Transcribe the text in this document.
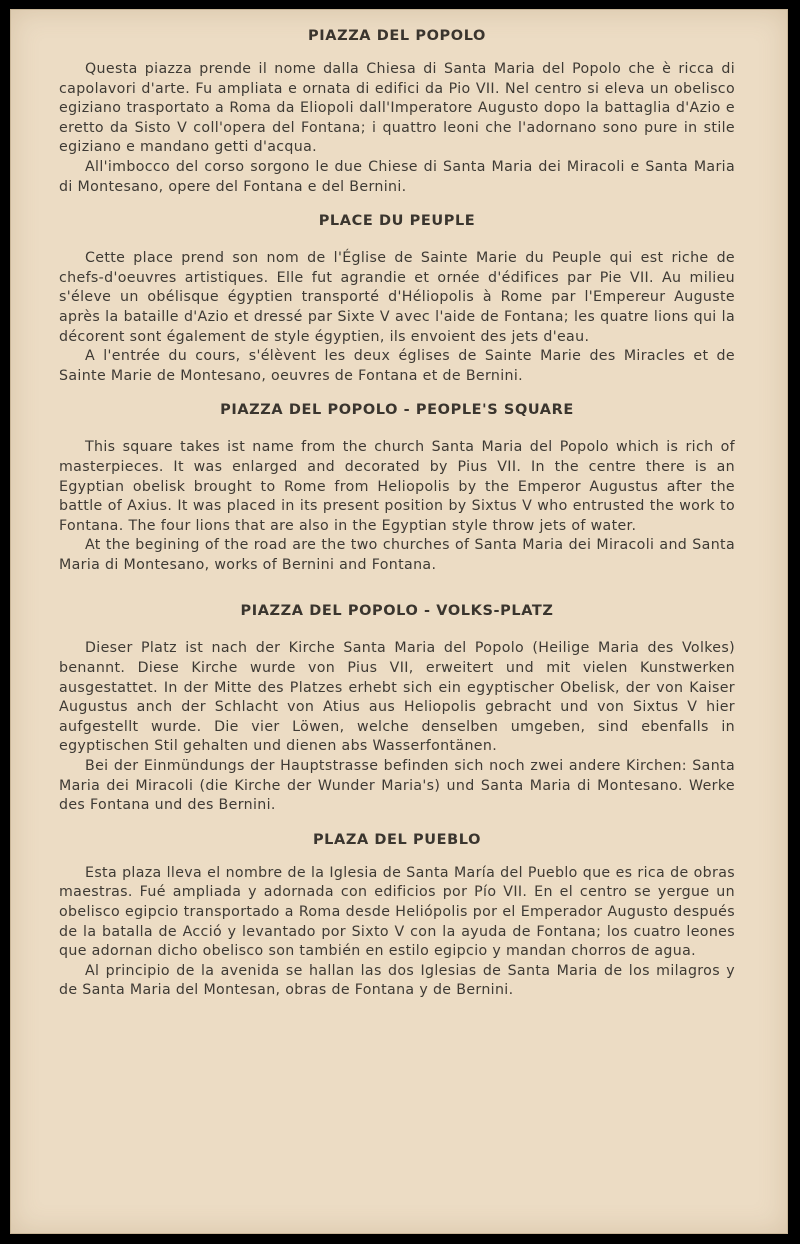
PIAZZA DEL POPOLO

Questa piazza prende il nome dalla Chiesa di Santa Maria del Popolo che è ricca di capolavori d'arte. Fu ampliata e ornata di edifici da Pio VII. Nel centro si eleva un obelisco egiziano trasportato a Roma da Eliopoli dall'Imperatore Augusto dopo la battaglia d'Azio e eretto da Sisto V coll'opera del Fontana; i quattro leoni che l'adornano sono pure in stile egiziano e mandano getti d'acqua.

All'imbocco del corso sorgono le due Chiese di Santa Maria dei Miracoli e Santa Maria di Montesano, opere del Fontana e del Bernini.

PLACE DU PEUPLE

Cette place prend son nom de l'Église de Sainte Marie du Peuple qui est riche de chefs-d'oeuvres artistiques. Elle fut agrandie et ornée d'édifices par Pie VII. Au milieu s'éleve un obélisque égyptien transporté d'Héliopolis à Rome par l'Empereur Auguste après la bataille d'Azio et dressé par Sixte V avec l'aide de Fontana; les quatre lions qui la décorent sont également de style égyptien, ils envoient des jets d'eau.

A l'entrée du cours, s'élèvent les deux églises de Sainte Marie des Miracles et de Sainte Marie de Montesano, oeuvres de Fontana et de Bernini.

PIAZZA DEL POPOLO - PEOPLE'S SQUARE

This square takes ist name from the church Santa Maria del Popolo which is rich of masterpieces. It was enlarged and decorated by Pius VII. In the centre there is an Egyptian obelisk brought to Rome from Heliopolis by the Emperor Augustus after the battle of Axius. It was placed in its present position by Sixtus V who entrusted the work to Fontana. The four lions that are also in the Egyptian style throw jets of water.

At the begining of the road are the two churches of Santa Maria dei Miracoli and Santa Maria di Montesano, works of Bernini and Fontana.

PIAZZA DEL POPOLO - VOLKS-PLATZ

Dieser Platz ist nach der Kirche Santa Maria del Popolo (Heilige Maria des Volkes) benannt. Diese Kirche wurde von Pius VII, erweitert und mit vielen Kunstwerken ausgestattet. In der Mitte des Platzes erhebt sich ein egyptischer Obelisk, der von Kaiser Augustus anch der Schlacht von Atius aus Heliopolis gebracht und von Sixtus V hier aufgestellt wurde. Die vier Löwen, welche denselben umgeben, sind ebenfalls in egyptischen Stil gehalten und dienen abs Wasserfontänen.

Bei der Einmündungs der Hauptstrasse befinden sich noch zwei andere Kirchen: Santa Maria dei Miracoli (die Kirche der Wunder Maria's) und Santa Maria di Montesano. Werke des Fontana und des Bernini.

PLAZA DEL PUEBLO

Esta plaza lleva el nombre de la Iglesia de Santa María del Pueblo que es rica de obras maestras. Fué ampliada y adornada con edificios por Pío VII. En el centro se yergue un obelisco egipcio transportado a Roma desde Heliópolis por el Emperador Augusto después de la batalla de Acció y levantado por Sixto V con la ayuda de Fontana; los cuatro leones que adornan dicho obelisco son también en estilo egipcio y mandan chorros de agua.

Al principio de la avenida se hallan las dos Iglesias de Santa Maria de los milagros y de Santa Maria del Montesan, obras de Fontana y de Bernini.
